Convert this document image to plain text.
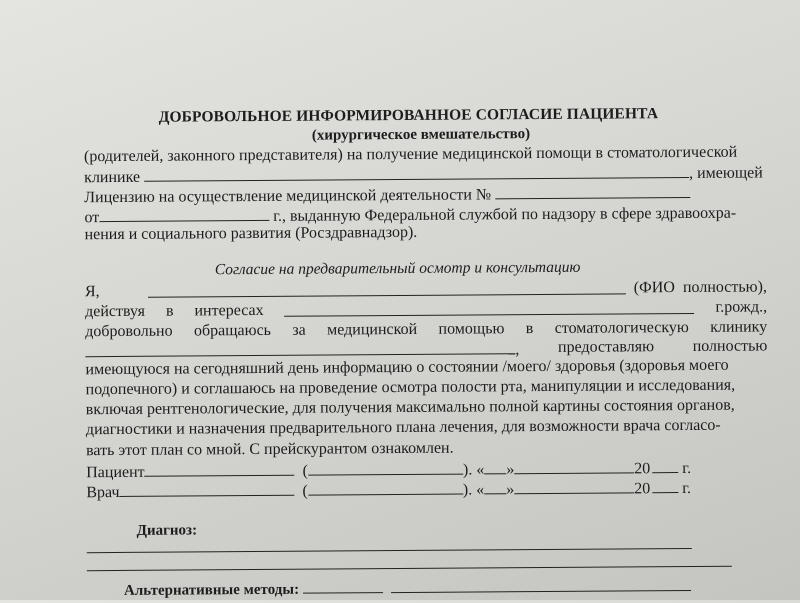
ДОБРОВОЛЬНОЕ ИНФОРМИРОВАННОЕ СОГЛАСИЕ ПАЦИЕНТА
(хирургическое вмешательство)
(родителей, законного представителя) на получение медицинской помощи в стоматологической
клинике	, имеющей
Лицензию на осуществление медицинской деятельности №
от	г., выданную Федеральной службой по надзору в сфере здравоохра-
нения и социального развития (Росздравнадзор).
Согласие на предварительный осмотр и консультацию
Я,	(ФИО полностью),
действуя в интересах	г.рожд.,
добровольно обращаюсь за медицинской помощью в стоматологическую клинику
, предоставляю полностью
имеющуюся на сегодняшний день информацию о состоянии /моего/ здоровья (здоровья моего
подопечного) и соглашаюсь на проведение осмотра полости рта, манипуляции и исследования,
включая рентгенологические, для получения максимально полной картины состояния органов,
диагностики и назначения предварительного плана лечения, для возможности врача согласо-
вать этот план со мной. С прейскурантом ознакомлен.
Пациент	(	). « »	20 г.
Врач	(	). « »	20 г.
Диагноз:
Альтернативные методы:
